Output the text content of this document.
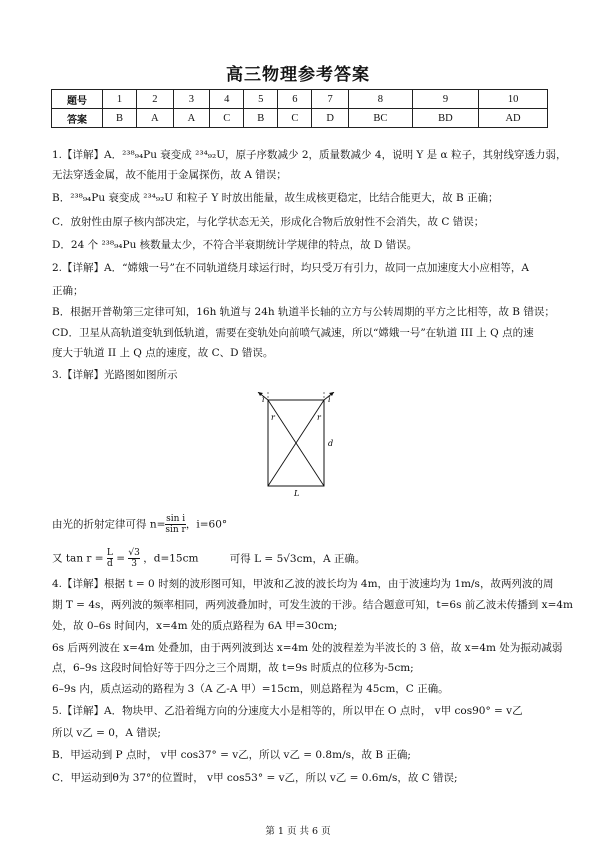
高三物理参考答案
题号	1	2	3	4	5	6	7	8	9	10
答案	B	A	A	C	B	C	D	BC	BD	AD
1.【详解】A．²³⁸₉₄Pu 衰变成 ²³⁴₉₂U，原子序数减少 2，质量数减少 4，说明 Y 是 α 粒子，其射线穿透力弱，
无法穿透金属，故不能用于金属探伤，故 A 错误；
B．²³⁸₉₄Pu 衰变成 ²³⁴₉₂U 和粒子 Y 时放出能量，故生成核更稳定，比结合能更大，故 B 正确；
C．放射性由原子核内部决定，与化学状态无关，形成化合物后放射性不会消失，故 C 错误；
D．24 个 ²³⁸₉₄Pu 核数量太少，不符合半衰期统计学规律的特点，故 D 错误。
2.【详解】A．“嫦娥一号”在不同轨道绕月球运行时，均只受万有引力，故同一点加速度大小应相等，A
正确；
B．根据开普勒第三定律可知，16h 轨道与 24h 轨道半长轴的立方与公转周期的平方之比相等，故 B 错误；
CD．卫星从高轨道变轨到低轨道，需要在变轨处向前喷气减速，所以“嫦娥一号”在轨道 III 上 Q 点的速
度大于轨道 II 上 Q 点的速度，故 C、D 错误。
3.【详解】光路图如图所示
i	i
r	r
d
L
由光的折射定律可得 $n= \frac{\text{sin i}}{\text{sin r}}$ ，i=60°
又 $\tan r = \frac{L}{d} = \frac{√3}{3}$ ，d=15cm	可得 L = 5√3cm，A 正确。
4.【详解】根据 t = 0 时刻的波形图可知，甲波和乙波的波长均为 4m，由于波速均为 1m/s，故两列波的周
期 T = 4s，两列波的频率相同，两列波叠加时，可发生波的干涉。结合题意可知，t=6s 前乙波未传播到 x=4m
处，故 0–6s 时间内，x=4m 处的质点路程为 6A 甲=30cm;
6s 后两列波在 x=4m 处叠加，由于两列波到达 x=4m 处的波程差为半波长的 3 倍，故 x=4m 处为振动减弱
点，6–9s 这段时间恰好等于四分之三个周期，故 t=9s 时质点的位移为-5cm;
6–9s 内，质点运动的路程为 3（A 乙-A 甲）=15cm，则总路程为 45cm，C 正确。
5.【详解】A．物块甲、乙沿着绳方向的分速度大小是相等的，所以甲在 O 点时， v甲 cos90° = v乙
所以 v乙 = 0，A 错误;
B．甲运动到 P 点时， v甲 cos37° = v乙，所以 v乙 = 0.8m/s，故 B 正确;
C．甲运动到θ为 37°的位置时， v甲 cos53° = v乙，所以 v乙 = 0.6m/s，故 C 错误;
第 1 页 共 6 页
